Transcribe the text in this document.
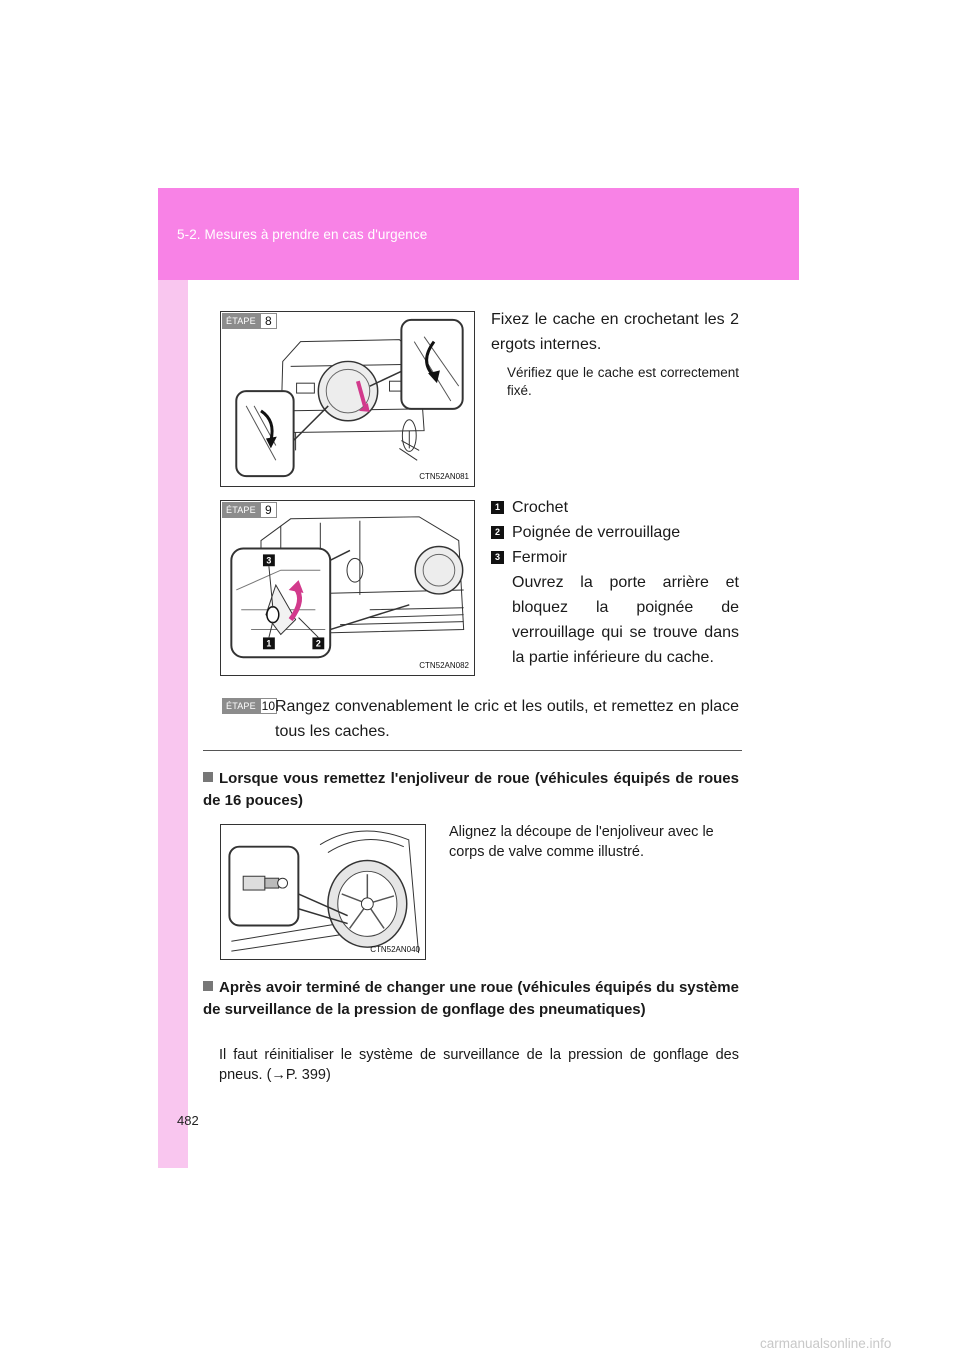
5-2. Mesures à prendre en cas d'urgence
CTN52AN081
ÉTAPE 8	Fixez le cache en crochetant les 2 ergots internes.
Vérifiez que le cache est correctement fixé.
3
1	2
CTN52AN082
ÉTAPE 9	1 Crochet
2 Poignée de verrouillage
3 Fermoir
Ouvrez la porte arrière et bloquez la poignée de verrouillage qui se trouve dans la partie inférieure du cache.
ÉTAPE 10 Rangez convenablement le cric et les outils, et remettez en place tous les caches.
Lorsque vous remettez l'enjoliveur de roue (véhicules équipés de roues de 16 pouces)
CTN52AN040
Alignez la découpe de l'enjoliveur avec le corps de valve comme illustré.
Après avoir terminé de changer une roue (véhicules équipés du système de surveillance de la pression de gonflage des pneumatiques)
Il faut réinitialiser le système de surveillance de la pression de gonflage des pneus. (→P. 399)
482
carmanualsonline.info
